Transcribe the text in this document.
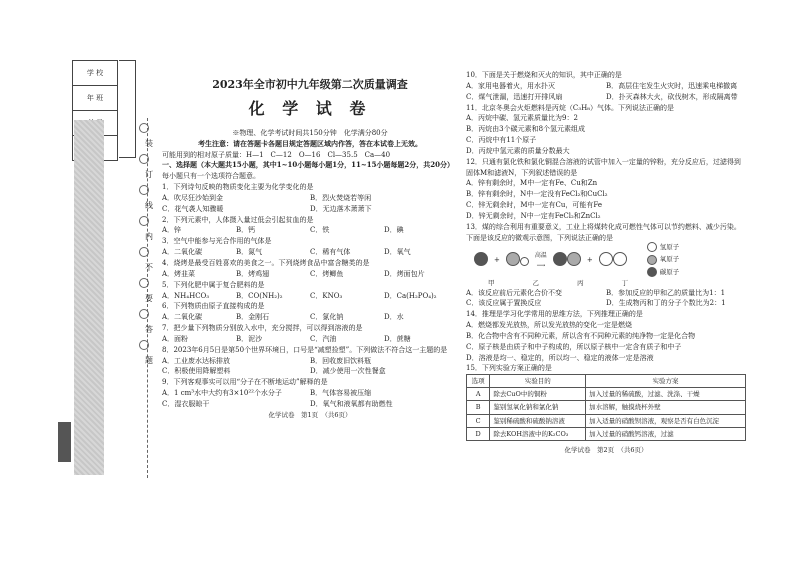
学 校
年 班

装
订
线
内
不
要
答
题
2023年全市初中九年级第二次质量调查
化 学 试 卷
※物理、化学考试时间共150分钟　化学满分80分
考生注意：请在答题卡各题目规定答题区域内作答，答在本试卷上无效。
可能用到的相对原子质量：H—1　C—12　O—16　Cl—35.5　Ca—40
一、选择题（本大题共15小题，其中1~10小题每小题1分，11~15小题每题2分，共20分）
每小题只有一个选项符合题意。
1．下列诗句反映的物质变化主要为化学变化的是
A．吹尽狂沙始到金	B．烈火焚烧若等闲
C．花气袭人知骤暖	D．无边落木萧萧下
2．下列元素中，人体摄入量过低会引起贫血的是
A．锌	B．钙	C．铁	D．碘
3．空气中能参与光合作用的气体是
A．二氧化碳	B．氮气	C．稀有气体	D．氧气
4．烧烤是最受百姓喜欢的美食之一。下列烧烤食品中富含糖类的是
A．烤韭菜	B．烤鸡翅	C．烤鲫鱼	D．烤面包片
5．下列化肥中属于复合肥料的是
A．NH₄HCO₃	B．CO(NH₂)₂	C．KNO₃	D．Ca(H₂PO₄)₂
6．下列物质由原子直接构成的是
A．二氧化碳	B．金刚石	C．氯化钠	D．水
7．把少量下列物质分别放入水中，充分搅拌，可以得到溶液的是
A．面粉	B．泥沙	C．汽油	D．蔗糖
8．2023年6月5日是第50个世界环境日，口号是“减塑捡塑”。下列做法不符合这一主题的是
A．工业废水达标排放	B．回收废旧饮料瓶
C．积极使用降解塑料	D．减少使用一次性餐盒
9．下列客观事实可以用“分子在不断地运动”解释的是
A．1 cm³水中大约有3×10²²个水分子	B．气体容易被压缩
C．湿衣服晾干	D．氧气和液氧都有助燃性
化学试卷　第1页　（共6页）
10．下面是关于燃烧和灭火的知识，其中正确的是
A．家用电器着火，用水扑灭	B．高层住宅发生火灾时，迅速乘电梯撤离
C．煤气泄漏，迅速打开排风扇	D．扑灭森林大火，砍伐树木，形成隔离带
11．北京冬奥会火炬燃料是丙烷（C₃H₈）气体。下列说法正确的是
A．丙烷中碳、氢元素质量比为9：2
B．丙烷由3个碳元素和8个氢元素组成
C．丙烷中有11个原子
D．丙烷中氢元素的质量分数最大
12．只通有氯化铁和氯化铜混合溶液的试管中加入一定量的锌粉，充分反应后，过滤得到固体M和滤液N，下列叙述错误的是
A．锌有剩余时，M中一定有Fe、Cu和Zn
B．锌有剩余时，N中一定没有FeCl₂和CuCl₂
C．锌无剩余时，M中一定有Cu，可能有Fe
D．锌无剩余时，N中一定有FeCl₂和ZnCl₂
13．煤的综合利用有重要意义，工业上将煤转化成可燃性气体可以节约燃料、减少污染。下面是该反应的微观示意图，下列说法正确的是
+
高温
⟶
+
氢原子
氧原子
碳原子
甲	乙	丙	丁
A．该反应前后元素化合价不变	B．参加反应的甲和乙的质量比为1：1
C．该反应属于置换反应	D．生成物丙和丁的分子个数比为2：1
14．推理是学习化学常用的思维方法，下列推理正确的是
A．燃烧都发光放热，所以发光放热的变化一定是燃烧
B．化合物中含有不同种元素，所以含有不同种元素的纯净物一定是化合物
C．原子核是由质子和中子构成的，所以原子核中一定含有质子和中子
D．溶液是均一、稳定的，所以均一、稳定的液体一定是溶液
15．下列实验方案正确的是
选项	实验目的	实验方案
A	除去CuO中的铜粉	加入过量的稀硫酸，过滤、洗涤、干燥
B	鉴别氢氧化钠和氯化钠	加水溶解，触摸烧杯外壁
C	鉴别稀硫酸和硫酸钠溶液	加入适量的硝酸钡溶液，观察是否有白色沉淀
D	除去KOH溶液中的K₂CO₃	加入过量的硝酸钙溶液，过滤
化学试卷　第2页　（共6页）
